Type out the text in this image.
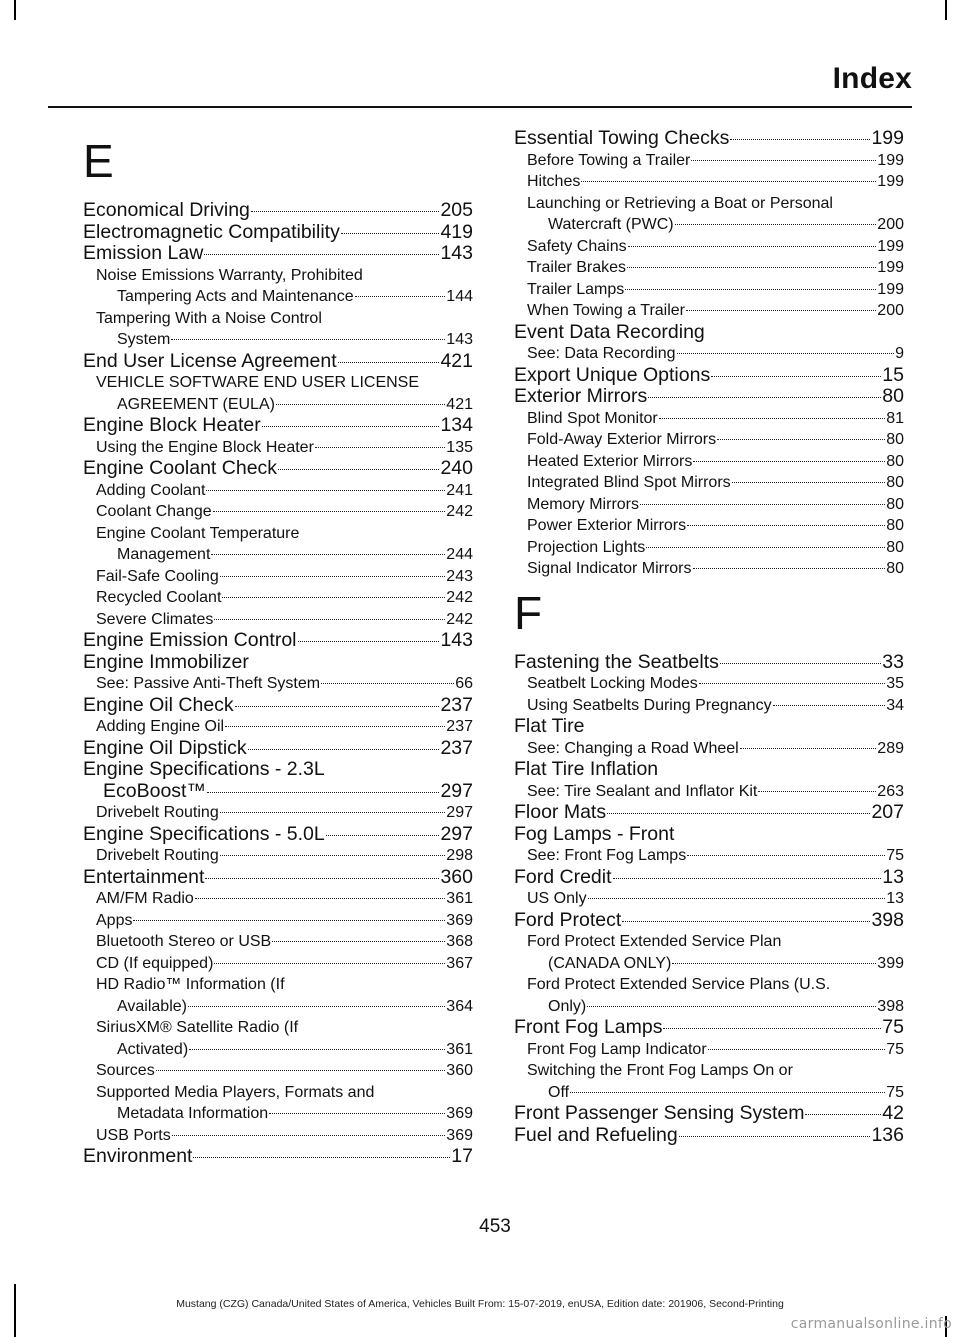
Index
E
Economical Driving	205
Electromagnetic Compatibility	419
Emission Law	143
Noise Emissions Warranty, Prohibited
Tampering Acts and Maintenance	144
Tampering With a Noise Control
System	143
End User License Agreement	421
VEHICLE SOFTWARE END USER LICENSE
AGREEMENT (EULA)	421
Engine Block Heater	134
Using the Engine Block Heater	135
Engine Coolant Check	240
Adding Coolant	241
Coolant Change	242
Engine Coolant Temperature
Management	244
Fail-Safe Cooling	243
Recycled Coolant	242
Severe Climates	242
Engine Emission Control	143
Engine Immobilizer
See: Passive Anti-Theft System	66
Engine Oil Check	237
Adding Engine Oil	237
Engine Oil Dipstick	237
Engine Specifications - 2.3L
EcoBoost™	297
Drivebelt Routing	297
Engine Specifications - 5.0L	297
Drivebelt Routing	298
Entertainment	360
AM/FM Radio	361
Apps	369
Bluetooth Stereo or USB	368
CD (If equipped)	367
HD Radio™ Information (If
Available)	364
SiriusXM® Satellite Radio (If
Activated)	361
Sources	360
Supported Media Players, Formats and
Metadata Information	369
USB Ports	369
Environment	17
Essential Towing Checks	199
Before Towing a Trailer	199
Hitches	199
Launching or Retrieving a Boat or Personal
Watercraft (PWC)	200
Safety Chains	199
Trailer Brakes	199
Trailer Lamps	199
When Towing a Trailer	200
Event Data Recording
See: Data Recording	9
Export Unique Options	15
Exterior Mirrors	80
Blind Spot Monitor	81
Fold-Away Exterior Mirrors	80
Heated Exterior Mirrors	80
Integrated Blind Spot Mirrors	80
Memory Mirrors	80
Power Exterior Mirrors	80
Projection Lights	80
Signal Indicator Mirrors	80
F
Fastening the Seatbelts	33
Seatbelt Locking Modes	35
Using Seatbelts During Pregnancy	34
Flat Tire
See: Changing a Road Wheel	289
Flat Tire Inflation
See: Tire Sealant and Inflator Kit	263
Floor Mats	207
Fog Lamps - Front
See: Front Fog Lamps	75
Ford Credit	13
US Only	13
Ford Protect	398
Ford Protect Extended Service Plan
(CANADA ONLY)	399
Ford Protect Extended Service Plans (U.S.
Only)	398
Front Fog Lamps	75
Front Fog Lamp Indicator	75
Switching the Front Fog Lamps On or
Off	75
Front Passenger Sensing System	42
Fuel and Refueling	136
453
Mustang (CZG) Canada/United States of America, Vehicles Built From: 15-07-2019, enUSA, Edition date: 201906, Second-Printing
carmanualsonline.info
